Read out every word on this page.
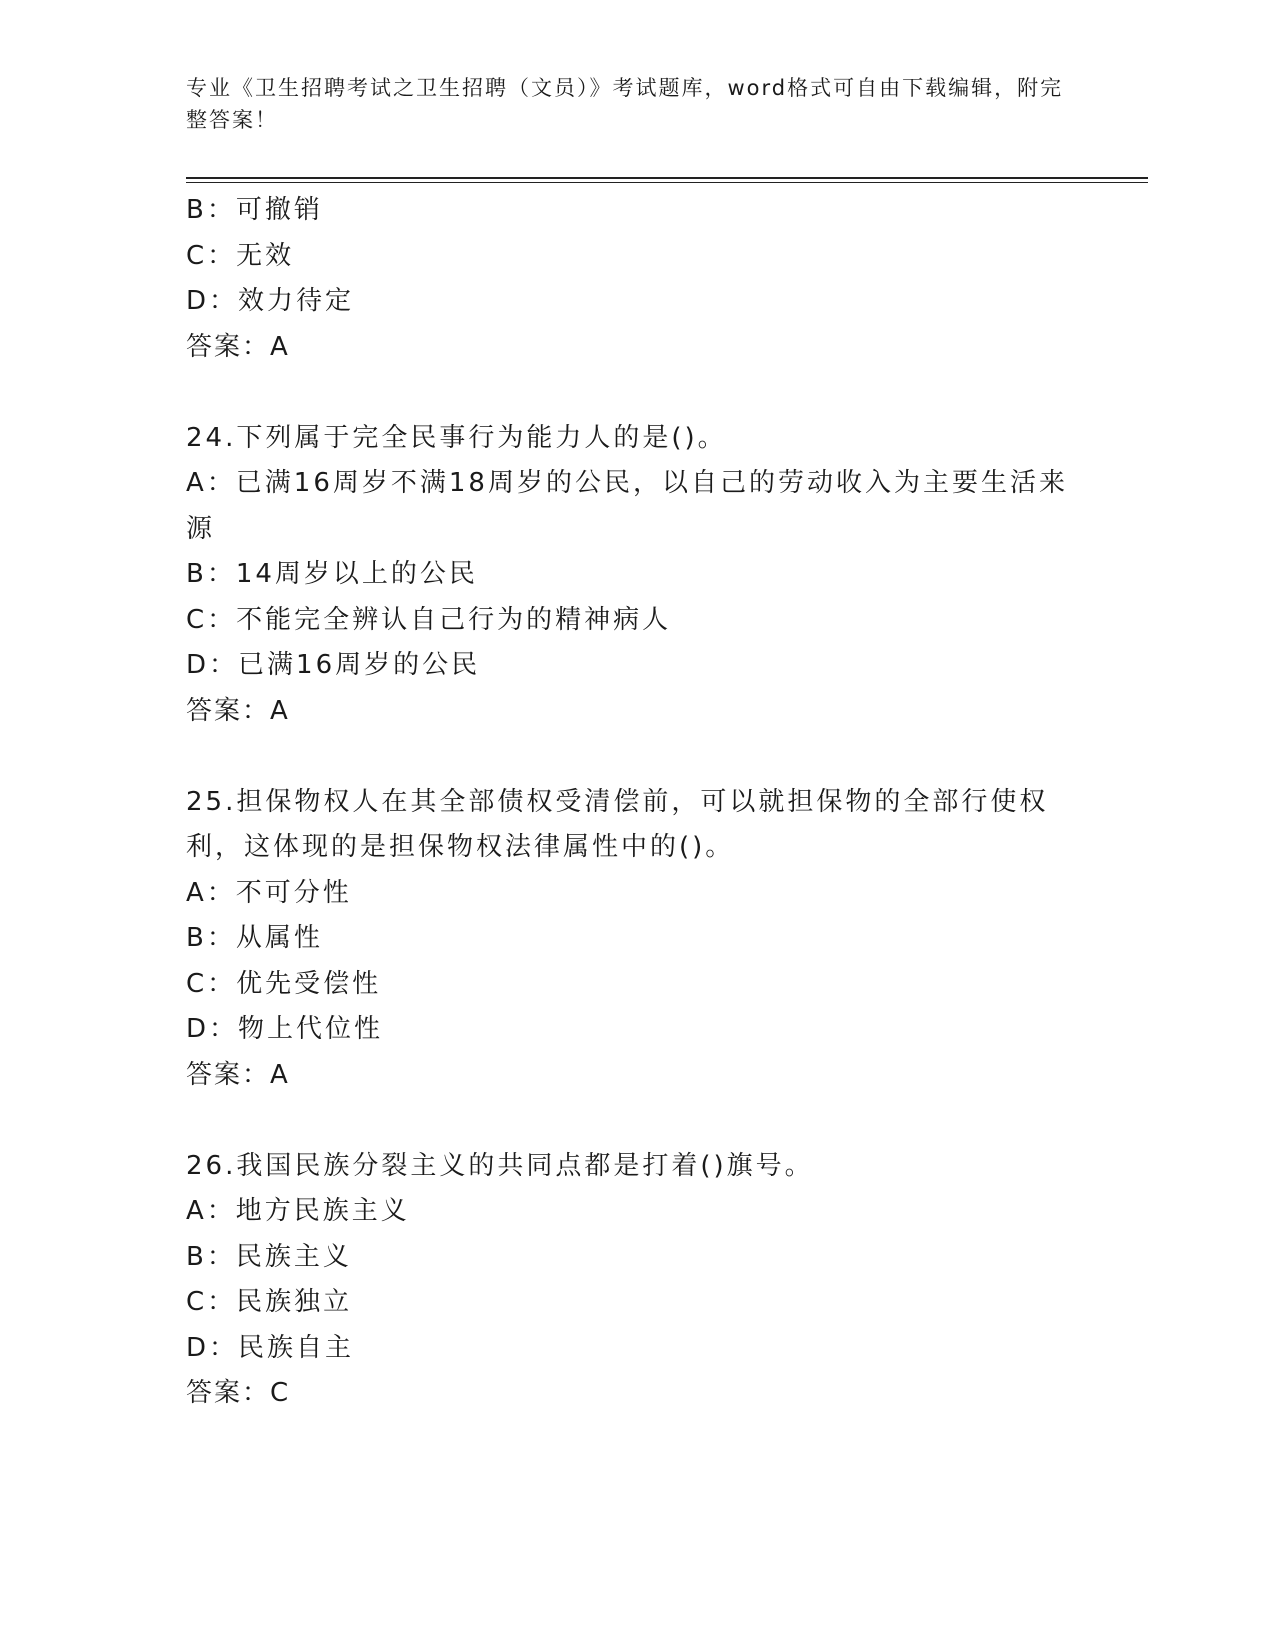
专业《卫生招聘考试之卫生招聘（文员）》考试题库，word格式可自由下载编辑，附完整答案！
B：可撤销
C：无效
D：效力待定
答案：A
24.下列属于完全民事行为能力人的是()。
A：已满16周岁不满18周岁的公民，以自己的劳动收入为主要生活来源
B：14周岁以上的公民
C：不能完全辨认自己行为的精神病人
D：已满16周岁的公民
答案：A
25.担保物权人在其全部债权受清偿前，可以就担保物的全部行使权利，这体现的是担保物权法律属性中的()。
A：不可分性
B：从属性
C：优先受偿性
D：物上代位性
答案：A
26.我国民族分裂主义的共同点都是打着()旗号。
A：地方民族主义
B：民族主义
C：民族独立
D：民族自主
答案：C
